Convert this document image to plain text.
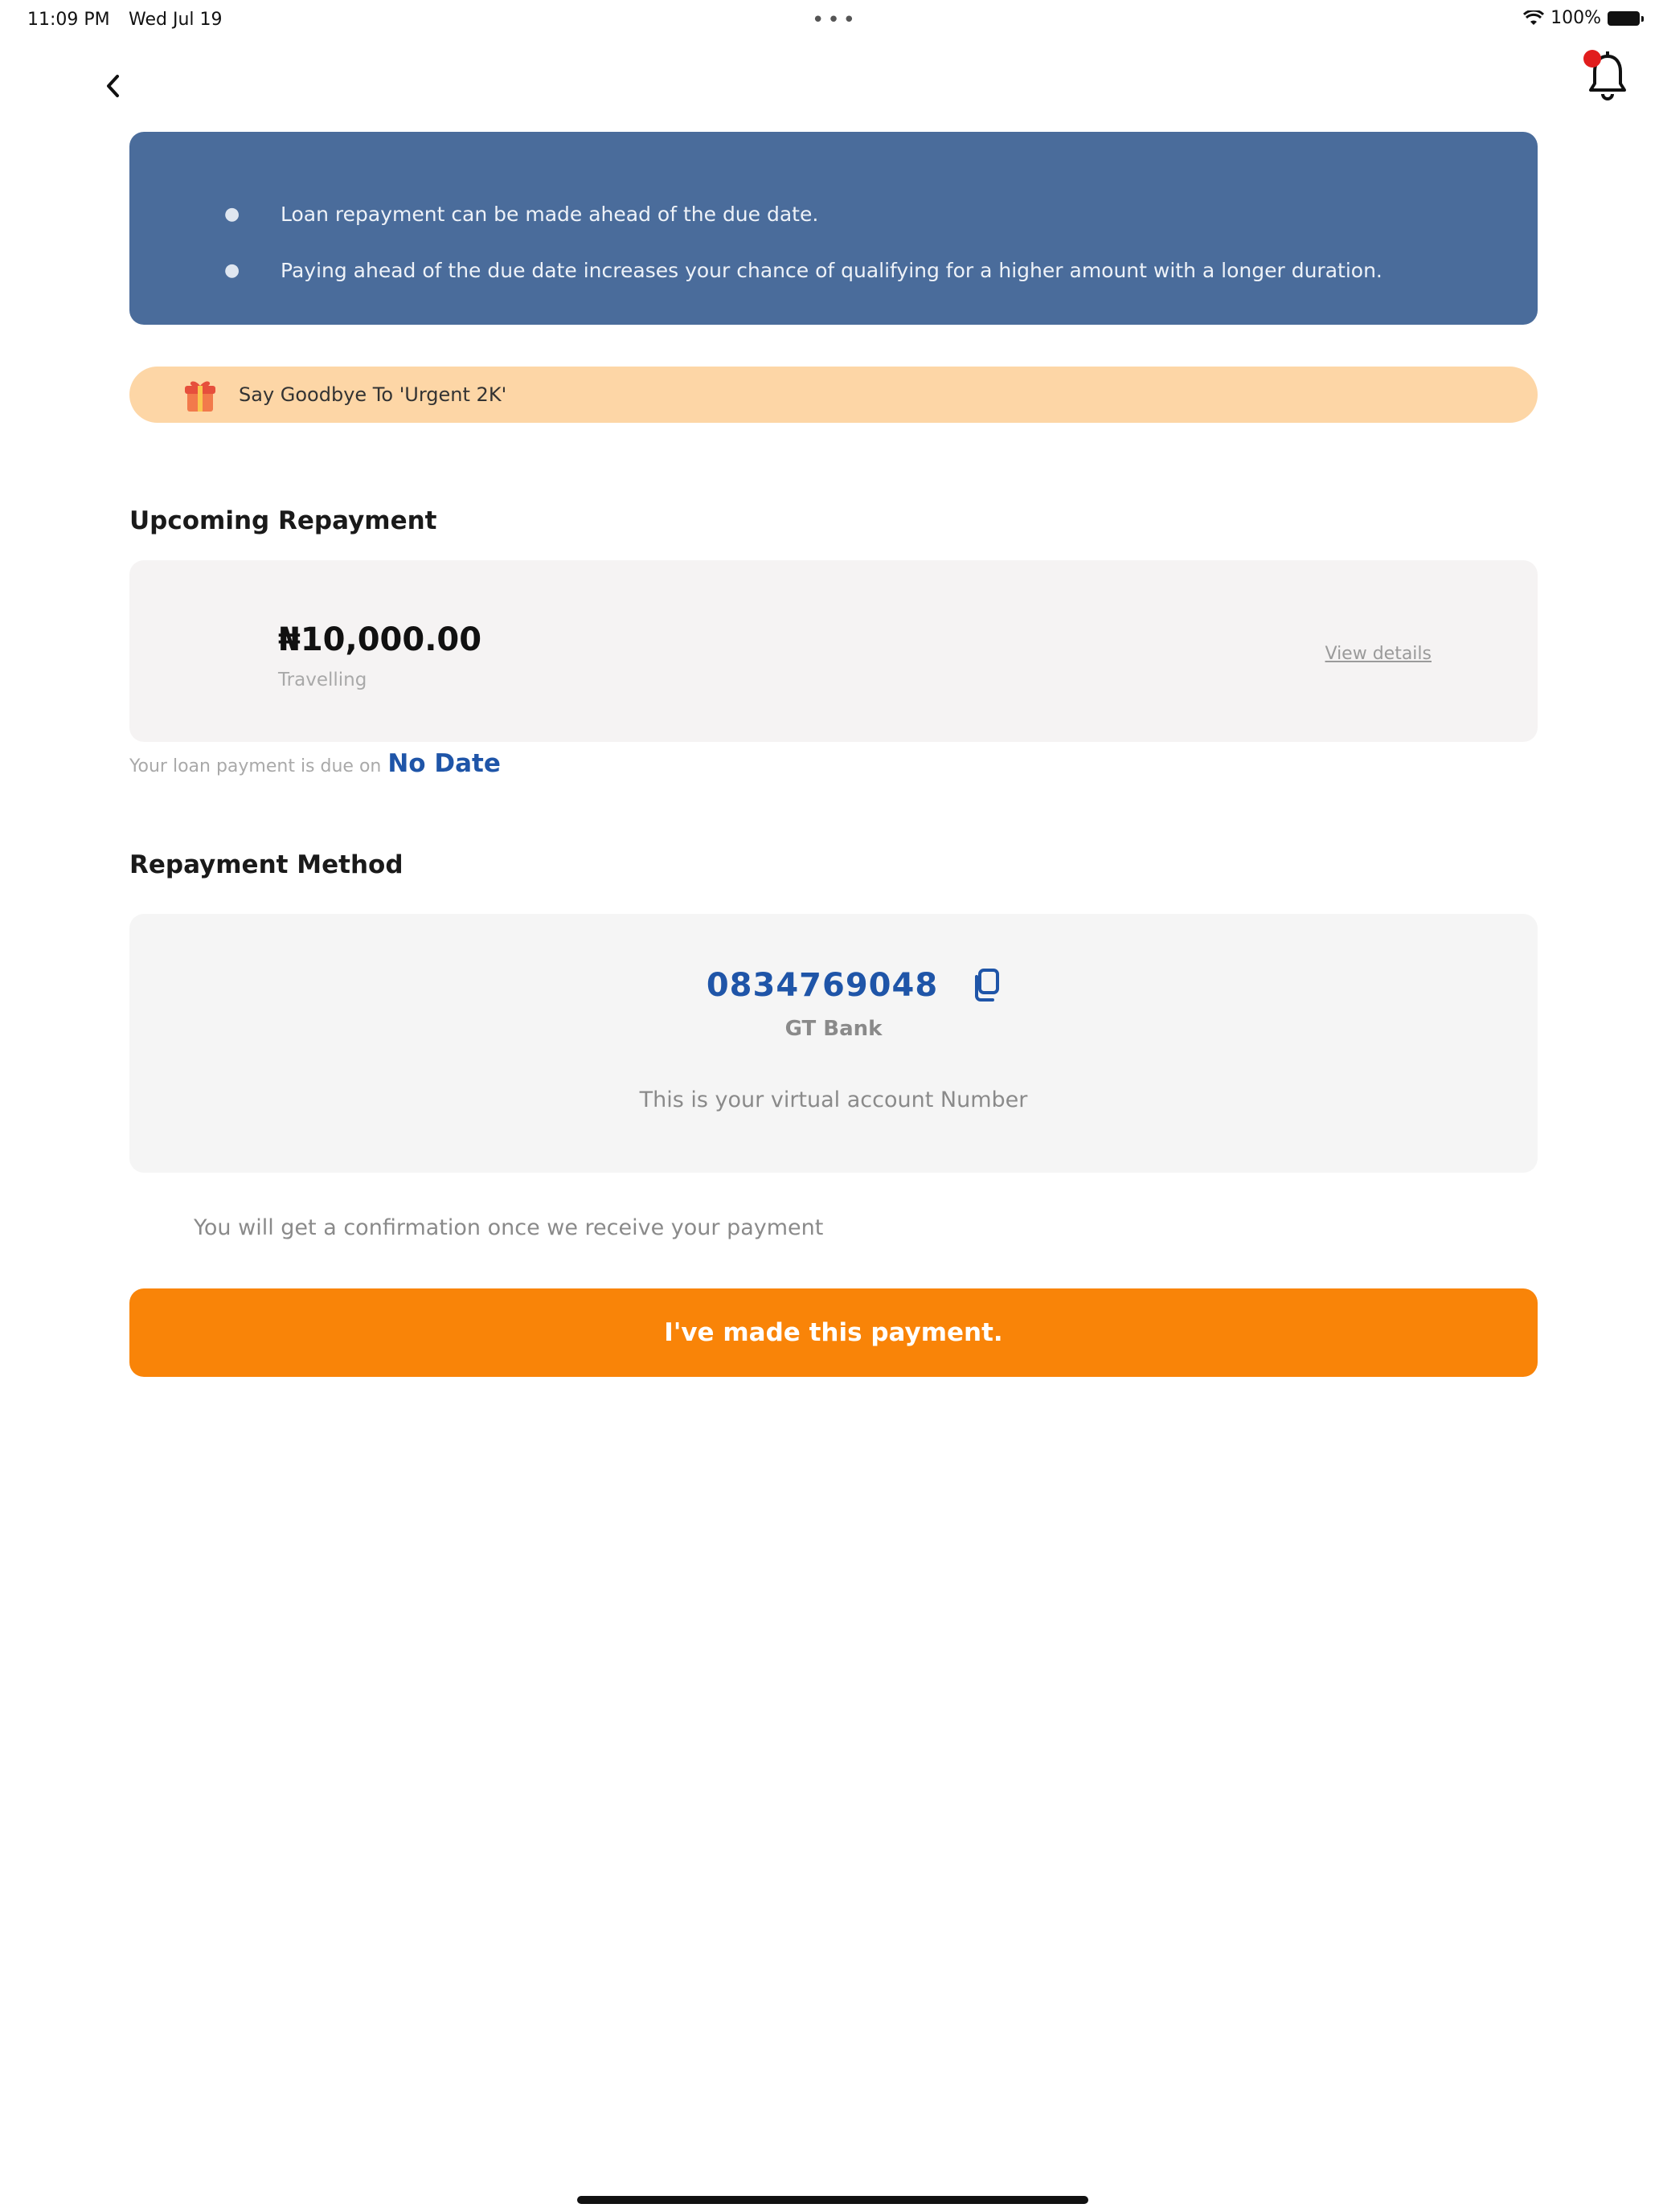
11:09 PM Wed Jul 19	•••	100%
●	Loan repayment can be made ahead of the due date.
●	Paying ahead of the due date increases your chance of qualifying for a higher amount with a longer duration.
Say Goodbye To 'Urgent 2K'
Upcoming Repayment
₦10,000.00
Travelling
View details
Your loan payment is due on No Date
Repayment Method
0834769048
GT Bank
This is your virtual account Number
You will get a confirmation once we receive your payment
I've made this payment.
